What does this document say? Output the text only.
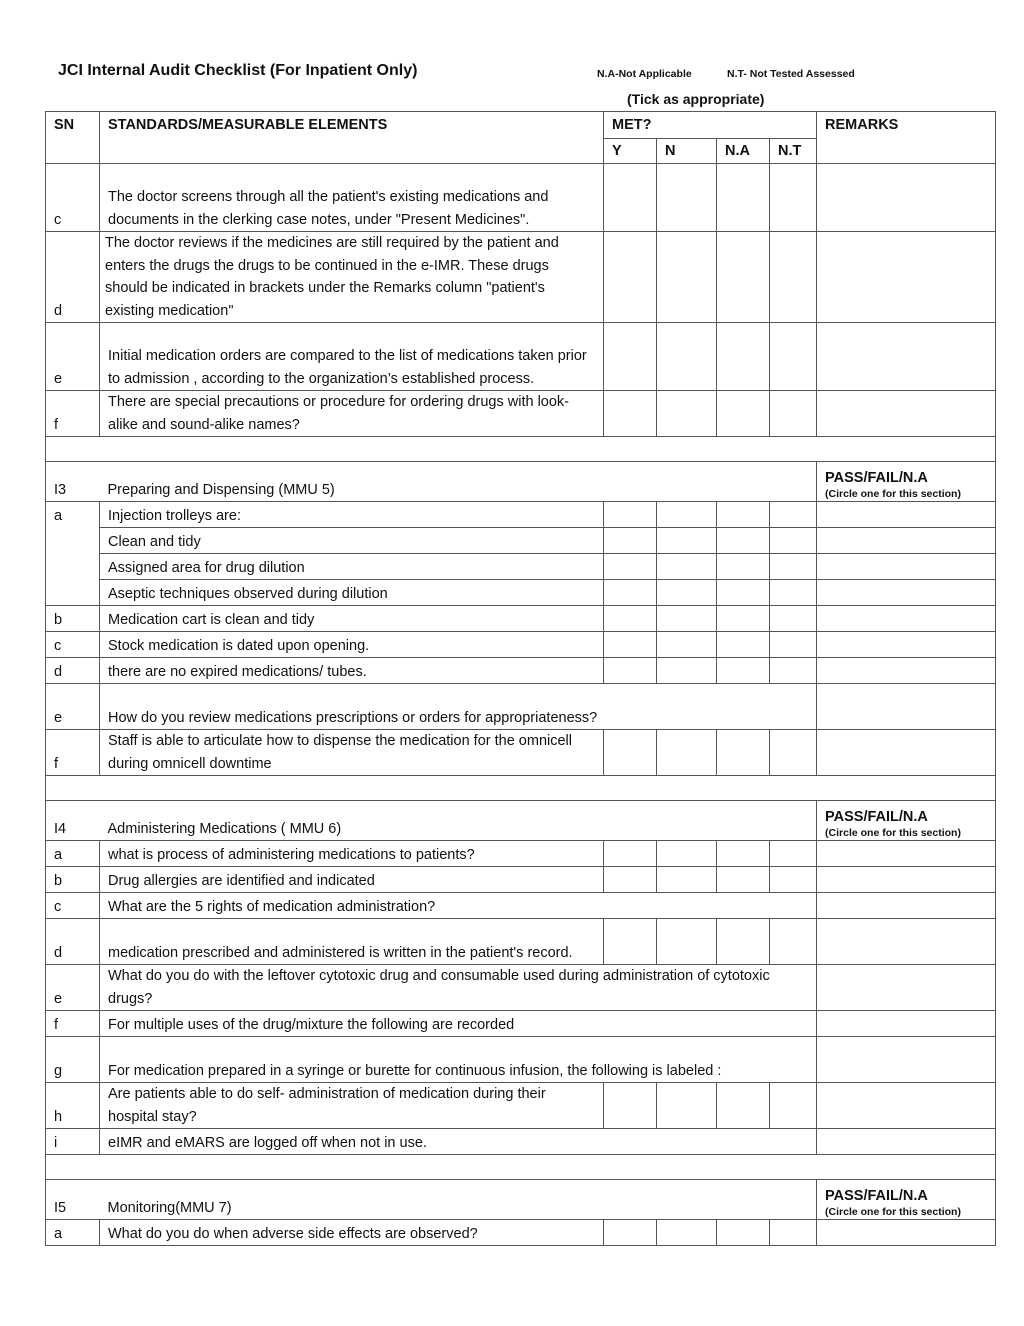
JCI Internal Audit Checklist (For Inpatient Only)	N.A-Not Applicable	N.T- Not Tested Assessed
(Tick as appropriate)
SN	STANDARDS/MEASURABLE ELEMENTS	MET?				REMARKS
		Y	N	N.A	N.T	
c	The doctor screens through all the patient's existing medications and documents in the clerking case notes, under "Present Medicines".					
d	The doctor reviews if the medicines are still required by the patient and enters the drugs the drugs to be continued in the e-IMR. These drugs should be indicated in brackets under the Remarks column "patient's existing medication"					
e	Initial medication orders are compared to the list of medications taken prior to admission , according to the organization’s established process.					
f	There are special precautions or procedure for ordering drugs with look-alike and sound-alike names?					

I3	Preparing and Dispensing (MMU 5)					PASS/FAIL/N.A
(Circle one for this section)

a	Injection trolleys are:					
	Clean and tidy					
	Assigned area for drug dilution					
	Aseptic techniques observed during dilution					
b	Medication cart is clean and tidy					
c	Stock medication is dated upon opening.					
d	there are no expired medications/ tubes.					
e	How do you review medications prescriptions or orders for appropriateness?					
f	Staff is able to articulate how to dispense the medication for the omnicell during omnicell downtime					

I4	Administering Medications ( MMU 6)					PASS/FAIL/N.A
(Circle one for this section)

a	what is process of administering medications to patients?					
b	Drug allergies are identified and indicated					
c	What are the 5 rights of medication administration?					
d	medication prescribed and administered is written in the patient's record.					
e	What do you do with the leftover cytotoxic drug and consumable used during administration of cytotoxic drugs?					
f	For multiple uses of the drug/mixture the following are recorded					
g	For medication prepared in a syringe or burette for continuous infusion, the following is labeled :					
h	Are patients able to do self- administration of medication during their hospital stay?					
i	eIMR and eMARS are logged off when not in use.					

I5	Monitoring(MMU 7)					PASS/FAIL/N.A
(Circle one for this section)

a	What do you do when adverse side effects are observed?					
